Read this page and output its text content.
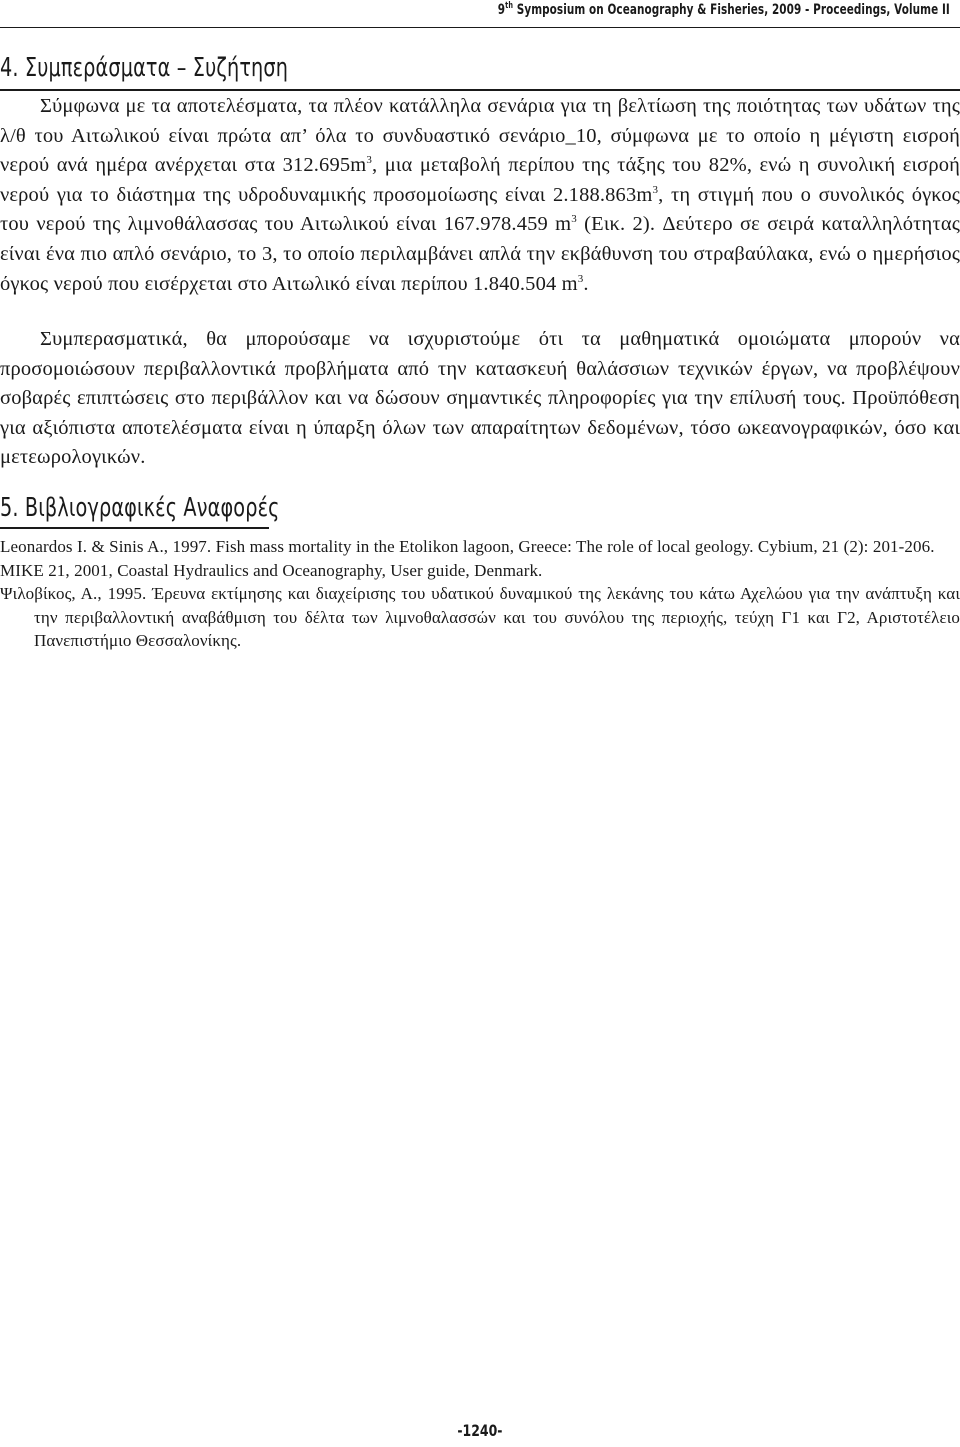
9th Symposium on Oceanography & Fisheries, 2009 - Proceedings, Volume II
4. Συμπεράσματα – Συζήτηση

Σύμφωνα με τα αποτελέσματα, τα πλέον κατάλληλα σενάρια για τη βελτίωση της ποιότητας των υδάτων της λ/θ του Αιτωλικού είναι πρώτα απ’ όλα το συνδυαστικό σενάριο_10, σύμφωνα με το οποίο η μέγιστη εισροή νερού ανά ημέρα ανέρχεται στα $312.695m^3$, μια μεταβολή περίπου της τάξης του 82%, ενώ η συνολική εισροή νερού για το διάστημα της υδροδυναμικής προσομοίωσης είναι $2.188.863m^3$, τη στιγμή που ο συνολικός όγκος του νερού της λιμνοθάλασσας του Αιτωλικού είναι 167.978.459 $m^3$ (Εικ. 2). Δεύτερο σε σειρά καταλληλότητας είναι ένα πιο απλό σενάριο, το 3, το οποίο περιλαμβάνει απλά την εκβάθυνση του στραβαύλακα, ενώ ο ημερήσιος όγκος νερού που εισέρχεται στο Αιτωλικό είναι περίπου 1.840.504 $m^3$.

Συμπερασματικά, θα μπορούσαμε να ισχυριστούμε ότι τα μαθηματικά ομοιώματα μπορούν να προσομοιώσουν περιβαλλοντικά προβλήματα από την κατασκευή θαλάσσιων τεχνικών έργων, να προβλέψουν σοβαρές επιπτώσεις στο περιβάλλον και να δώσουν σημαντικές πληροφορίες για την επίλυσή τους. Προϋπόθεση για αξιόπιστα αποτελέσματα είναι η ύπαρξη όλων των απαραίτητων δεδομένων, τόσο ωκεανογραφικών, όσο και μετεωρολογικών.

5. Βιβλιογραφικές Αναφορές

Leonardos I. & Sinis A., 1997. Fish mass mortality in the Etolikon lagoon, Greece: The role of local geology. Cybium, 21 (2): 201-206.

MIKE 21, 2001, Coastal Hydraulics and Oceanography, User guide, Denmark.

Ψιλοβίκος, Α., 1995. Έρευνα εκτίμησης και διαχείρισης του υδατικού δυναμικού της λεκάνης του κάτω Αχελώου για την ανάπτυξη και την περιβαλλοντική αναβάθμιση του δέλτα των λιμνοθαλασσών και του συνόλου της περιοχής, τεύχη Γ1 και Γ2, Αριστοτέλειο Πανεπιστήμιο Θεσσαλονίκης.

-1240-
